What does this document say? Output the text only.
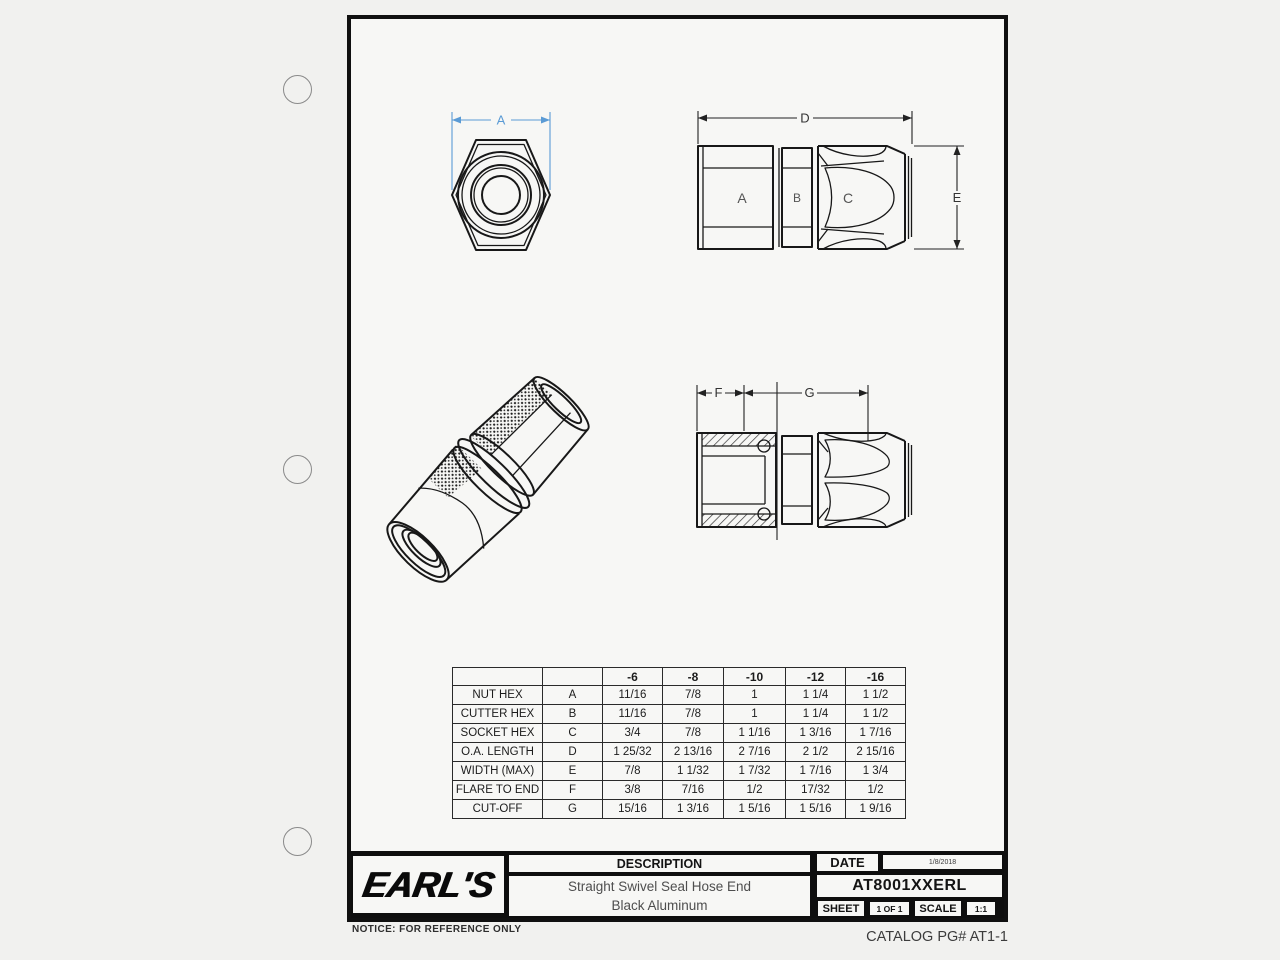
A	D
E
A	B	C
F	G
		-6	-8	-10	-12	-16
NUT HEX	A	11/16	7/8	1	1 1/4	1 1/2
CUTTER HEX	B	11/16	7/8	1	1 1/4	1 1/2
SOCKET HEX	C	3/4	7/8	1 1/16	1 3/16	1 7/16
O.A. LENGTH	D	1 25/32	2 13/16	2 7/16	2 1/2	2 15/16
WIDTH (MAX)	E	7/8	1 1/32	1 7/32	1 7/16	1 3/4
FLARE TO END	F	3/8	7/16	1/2	17/32	1/2
CUT-OFF	G	15/16	1 3/16	1 5/16	1 5/16	1 9/16
EARL'S	DESCRIPTION
Straight Swivel Seal Hose End
Black Aluminum
DATE	1/8/2018
AT8001XXERL
SHEET	1 OF 1	SCALE	1:1
NOTICE: FOR REFERENCE ONLY	CATALOG PG# AT1-1
